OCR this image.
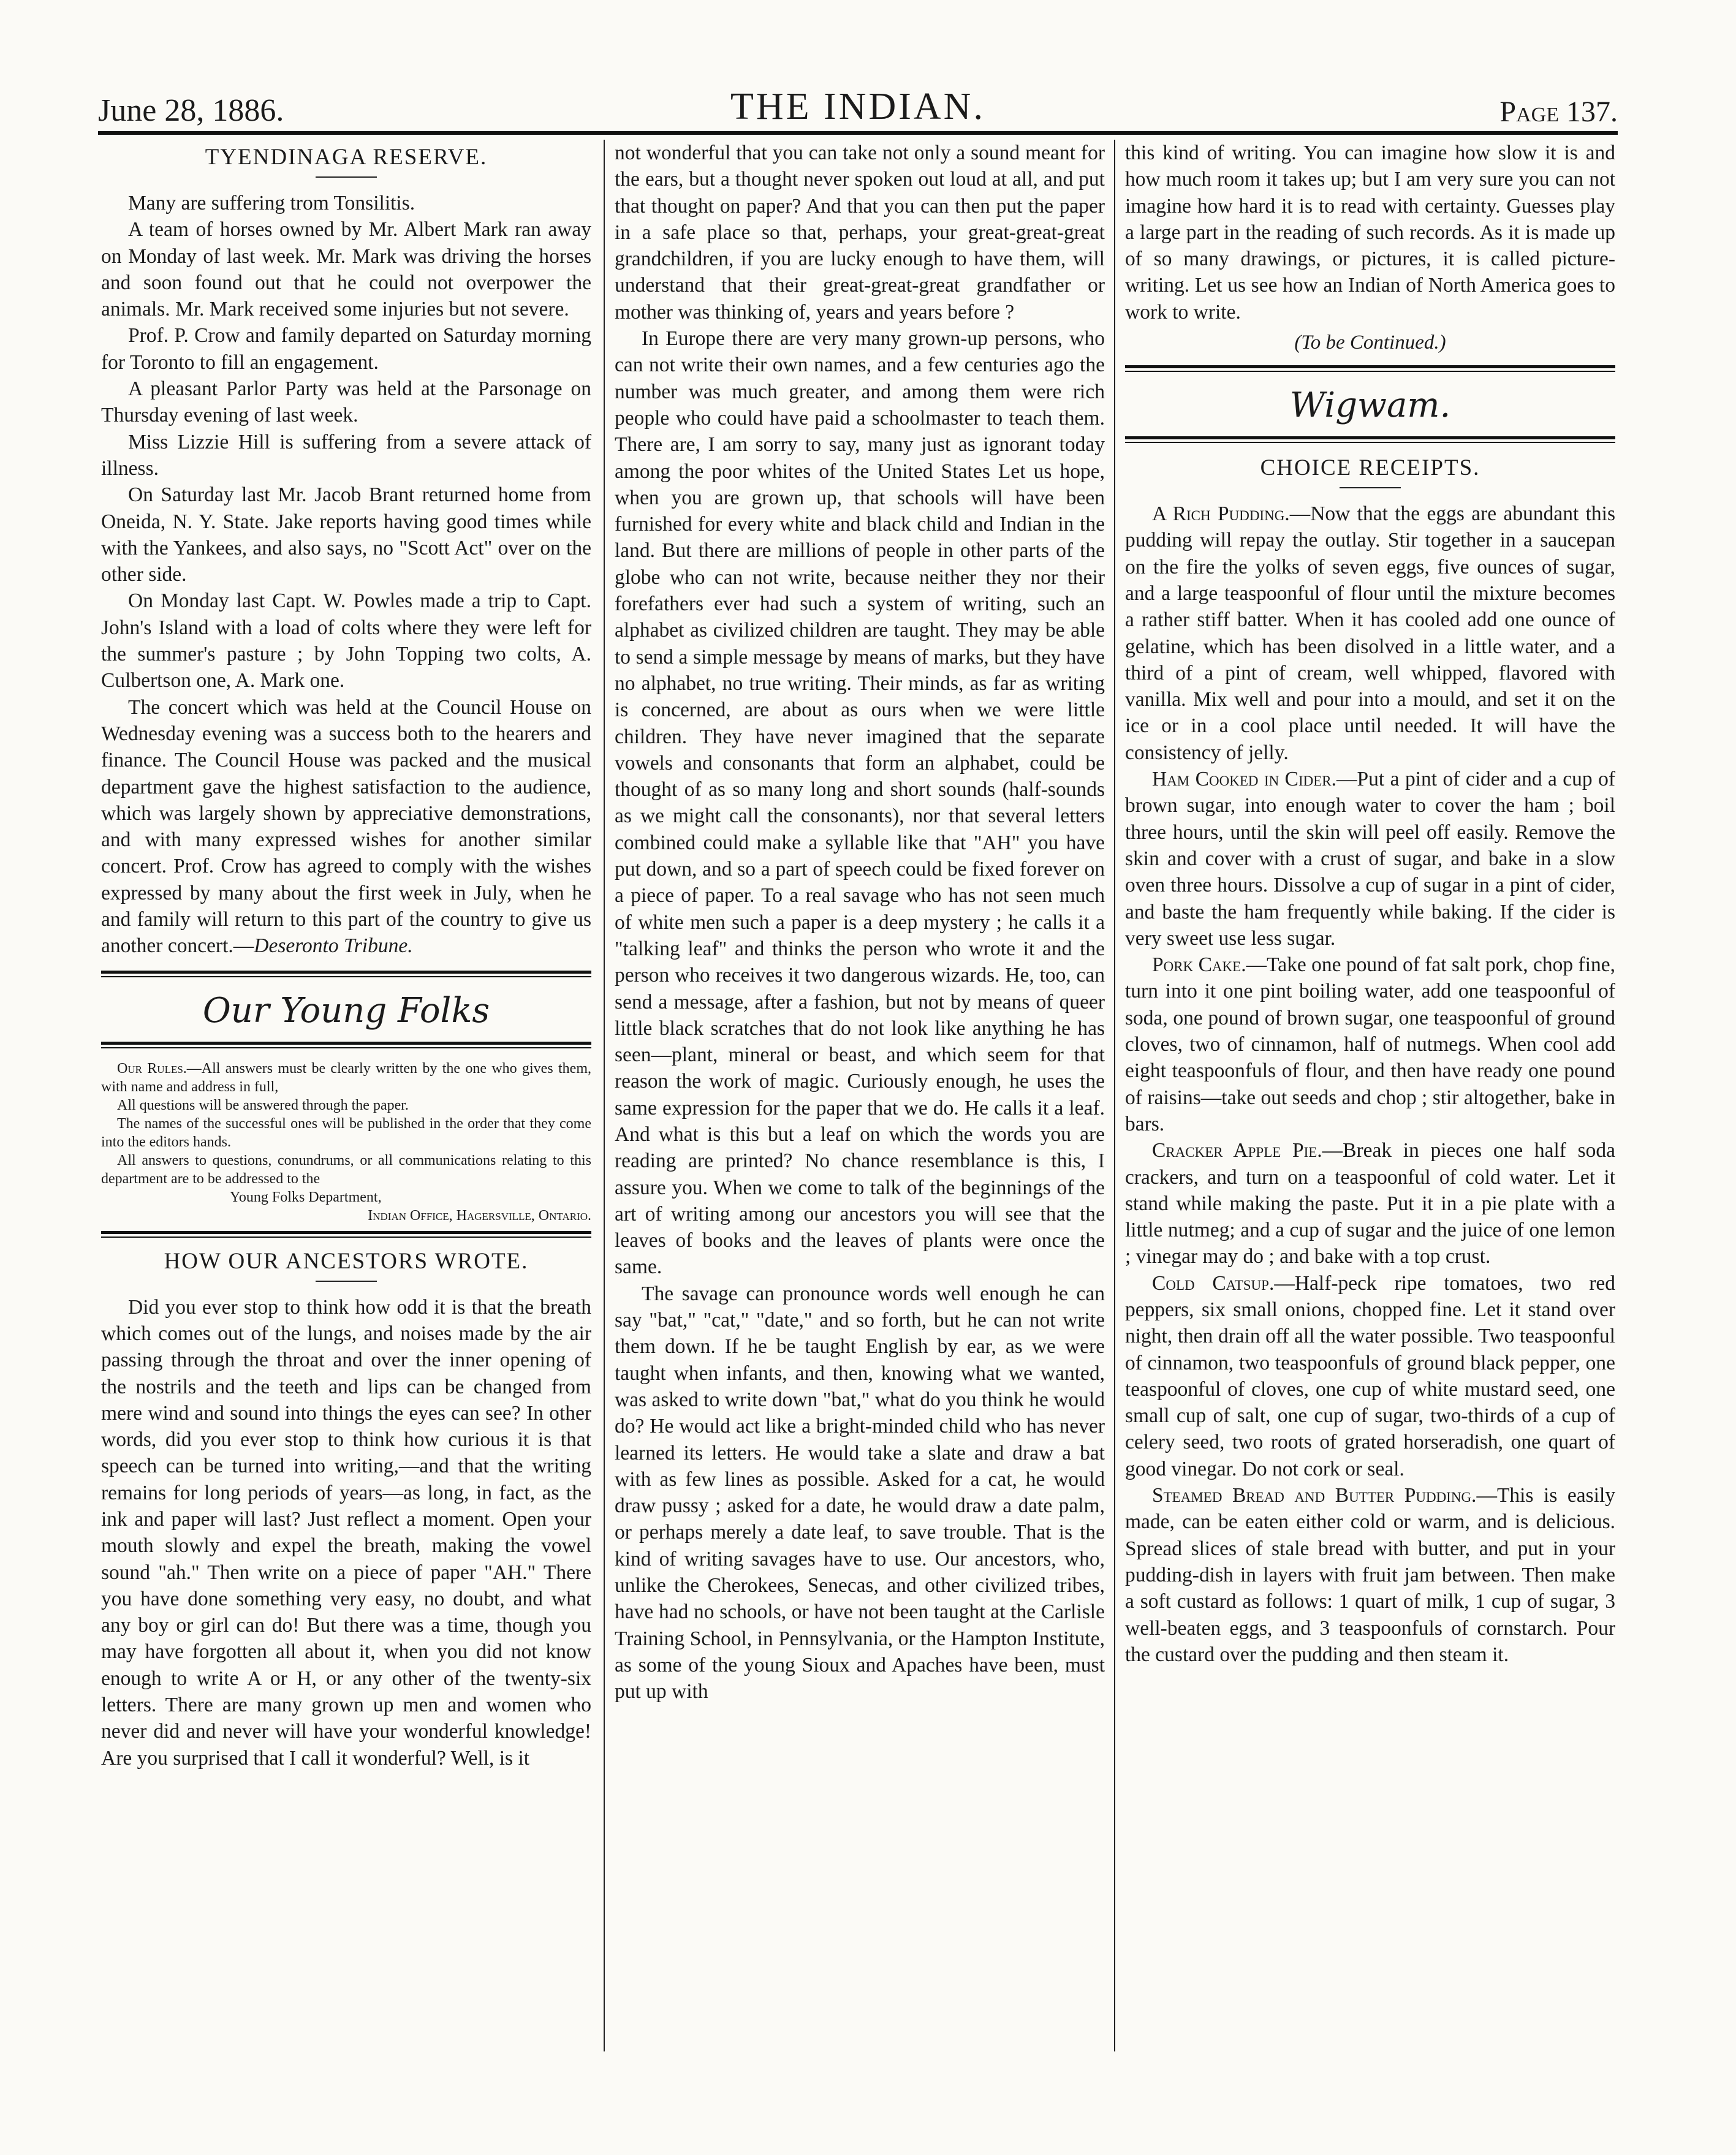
June 28, 1886.	THE INDIAN.	Page 137.
TYENDINAGA RESERVE.

Many are suffering trom Tonsilitis.

A team of horses owned by Mr. Albert Mark ran away on Monday of last week. Mr. Mark was driving the horses and soon found out that he could not overpower the animals. Mr. Mark received some injuries but not severe.

Prof. P. Crow and family departed on Saturday morning for Toronto to fill an engagement.

A pleasant Parlor Party was held at the Parsonage on Thursday evening of last week.

Miss Lizzie Hill is suffering from a severe attack of illness.

On Saturday last Mr. Jacob Brant returned home from Oneida, N. Y. State. Jake reports having good times while with the Yankees, and also says, no "Scott Act" over on the other side.

On Monday last Capt. W. Powles made a trip to Capt. John's Island with a load of colts where they were left for the summer's pasture ; by John Topping two colts, A. Culbertson one, A. Mark one.

The concert which was held at the Council House on Wednesday evening was a success both to the hearers and finance. The Council House was packed and the musical department gave the highest satisfaction to the audience, which was largely shown by appreciative demonstrations, and with many expressed wishes for another similar concert. Prof. Crow has agreed to comply with the wishes expressed by many about the first week in July, when he and family will return to this part of the country to give us another concert.—Deseronto Tribune.

Our Young Folks
Our Rules.—All answers must be clearly written by the one who gives them, with name and address in full,
All questions will be answered through the paper.
The names of the successful ones will be published in the order that they come into the editors hands.
All answers to questions, conundrums, or all communications relating to this department are to be addressed to the
Young Folks Department,
Indian Office, Hagersville, Ontario.
HOW OUR ANCESTORS WROTE.

Did you ever stop to think how odd it is that the breath which comes out of the lungs, and noises made by the air passing through the throat and over the inner opening of the nostrils and the teeth and lips can be changed from mere wind and sound into things the eyes can see? In other words, did you ever stop to think how curious it is that speech can be turned into writing,—and that the writing remains for long periods of years—as long, in fact, as the ink and paper will last? Just reflect a moment. Open your mouth slowly and expel the breath, making the vowel sound "ah." Then write on a piece of paper "AH." There you have done something very easy, no doubt, and what any boy or girl can do! But there was a time, though you may have forgotten all about it, when you did not know enough to write A or H, or any other of the twenty-six letters. There are many grown up men and women who never did and never will have your wonderful knowledge! Are you surprised that I call it wonderful? Well, is it

not wonderful that you can take not only a sound meant for the ears, but a thought never spoken out loud at all, and put that thought on paper? And that you can then put the paper in a safe place so that, perhaps, your great-great-great grandchildren, if you are lucky enough to have them, will understand that their great-great-great grandfather or mother was thinking of, years and years before ?

In Europe there are very many grown-up persons, who can not write their own names, and a few centuries ago the number was much greater, and among them were rich people who could have paid a schoolmaster to teach them. There are, I am sorry to say, many just as ignorant today among the poor whites of the United States Let us hope, when you are grown up, that schools will have been furnished for every white and black child and Indian in the land. But there are millions of people in other parts of the globe who can not write, because neither they nor their forefathers ever had such a system of writing, such an alphabet as civilized children are taught. They may be able to send a simple message by means of marks, but they have no alphabet, no true writing. Their minds, as far as writing is concerned, are about as ours when we were little children. They have never imagined that the separate vowels and consonants that form an alphabet, could be thought of as so many long and short sounds (half-sounds as we might call the consonants), nor that several letters combined could make a syllable like that "AH" you have put down, and so a part of speech could be fixed forever on a piece of paper. To a real savage who has not seen much of white men such a paper is a deep mystery ; he calls it a "talking leaf" and thinks the person who wrote it and the person who receives it two dangerous wizards. He, too, can send a message, after a fashion, but not by means of queer little black scratches that do not look like anything he has seen—plant, mineral or beast, and which seem for that reason the work of magic. Curiously enough, he uses the same expression for the paper that we do. He calls it a leaf. And what is this but a leaf on which the words you are reading are printed? No chance resemblance is this, I assure you. When we come to talk of the beginnings of the art of writing among our ancestors you will see that the leaves of books and the leaves of plants were once the same.

The savage can pronounce words well enough he can say "bat," "cat," "date," and so forth, but he can not write them down. If he be taught English by ear, as we were taught when infants, and then, knowing what we wanted, was asked to write down "bat," what do you think he would do? He would act like a bright-minded child who has never learned its letters. He would take a slate and draw a bat with as few lines as possible. Asked for a cat, he would draw pussy ; asked for a date, he would draw a date palm, or perhaps merely a date leaf, to save trouble. That is the kind of writing savages have to use. Our ancestors, who, unlike the Cherokees, Senecas, and other civilized tribes, have had no schools, or have not been taught at the Carlisle Training School, in Pennsylvania, or the Hampton Institute, as some of the young Sioux and Apaches have been, must put up with

this kind of writing. You can imagine how slow it is and how much room it takes up; but I am very sure you can not imagine how hard it is to read with certainty. Guesses play a large part in the reading of such records. As it is made up of so many drawings, or pictures, it is called picture-writing. Let us see how an Indian of North America goes to work to write.

(To be Continued.)
Wigwam.
CHOICE RECEIPTS.

A Rich Pudding.—Now that the eggs are abundant this pudding will repay the outlay. Stir together in a saucepan on the fire the yolks of seven eggs, five ounces of sugar, and a large teaspoonful of flour until the mixture becomes a rather stiff batter. When it has cooled add one ounce of gelatine, which has been disolved in a little water, and a third of a pint of cream, well whipped, flavored with vanilla. Mix well and pour into a mould, and set it on the ice or in a cool place until needed. It will have the consistency of jelly.

Ham Cooked in Cider.—Put a pint of cider and a cup of brown sugar, into enough water to cover the ham ; boil three hours, until the skin will peel off easily. Remove the skin and cover with a crust of sugar, and bake in a slow oven three hours. Dissolve a cup of sugar in a pint of cider, and baste the ham frequently while baking. If the cider is very sweet use less sugar.

Pork Cake.—Take one pound of fat salt pork, chop fine, turn into it one pint boiling water, add one teaspoonful of soda, one pound of brown sugar, one teaspoonful of ground cloves, two of cinnamon, half of nutmegs. When cool add eight teaspoonfuls of flour, and then have ready one pound of raisins—take out seeds and chop ; stir altogether, bake in bars.

Cracker Apple Pie.—Break in pieces one half soda crackers, and turn on a teaspoonful of cold water. Let it stand while making the paste. Put it in a pie plate with a little nutmeg; and a cup of sugar and the juice of one lemon ; vinegar may do ; and bake with a top crust.

Cold Catsup.—Half-peck ripe tomatoes, two red peppers, six small onions, chopped fine. Let it stand over night, then drain off all the water possible. Two teaspoonful of cinnamon, two teaspoonfuls of ground black pepper, one teaspoonful of cloves, one cup of white mustard seed, one small cup of salt, one cup of sugar, two-thirds of a cup of celery seed, two roots of grated horseradish, one quart of good vinegar. Do not cork or seal.

Steamed Bread and Butter Pudding.—This is easily made, can be eaten either cold or warm, and is delicious. Spread slices of stale bread with butter, and put in your pudding-dish in layers with fruit jam between. Then make a soft custard as follows: 1 quart of milk, 1 cup of sugar, 3 well-beaten eggs, and 3 teaspoonfuls of cornstarch. Pour the custard over the pudding and then steam it.
